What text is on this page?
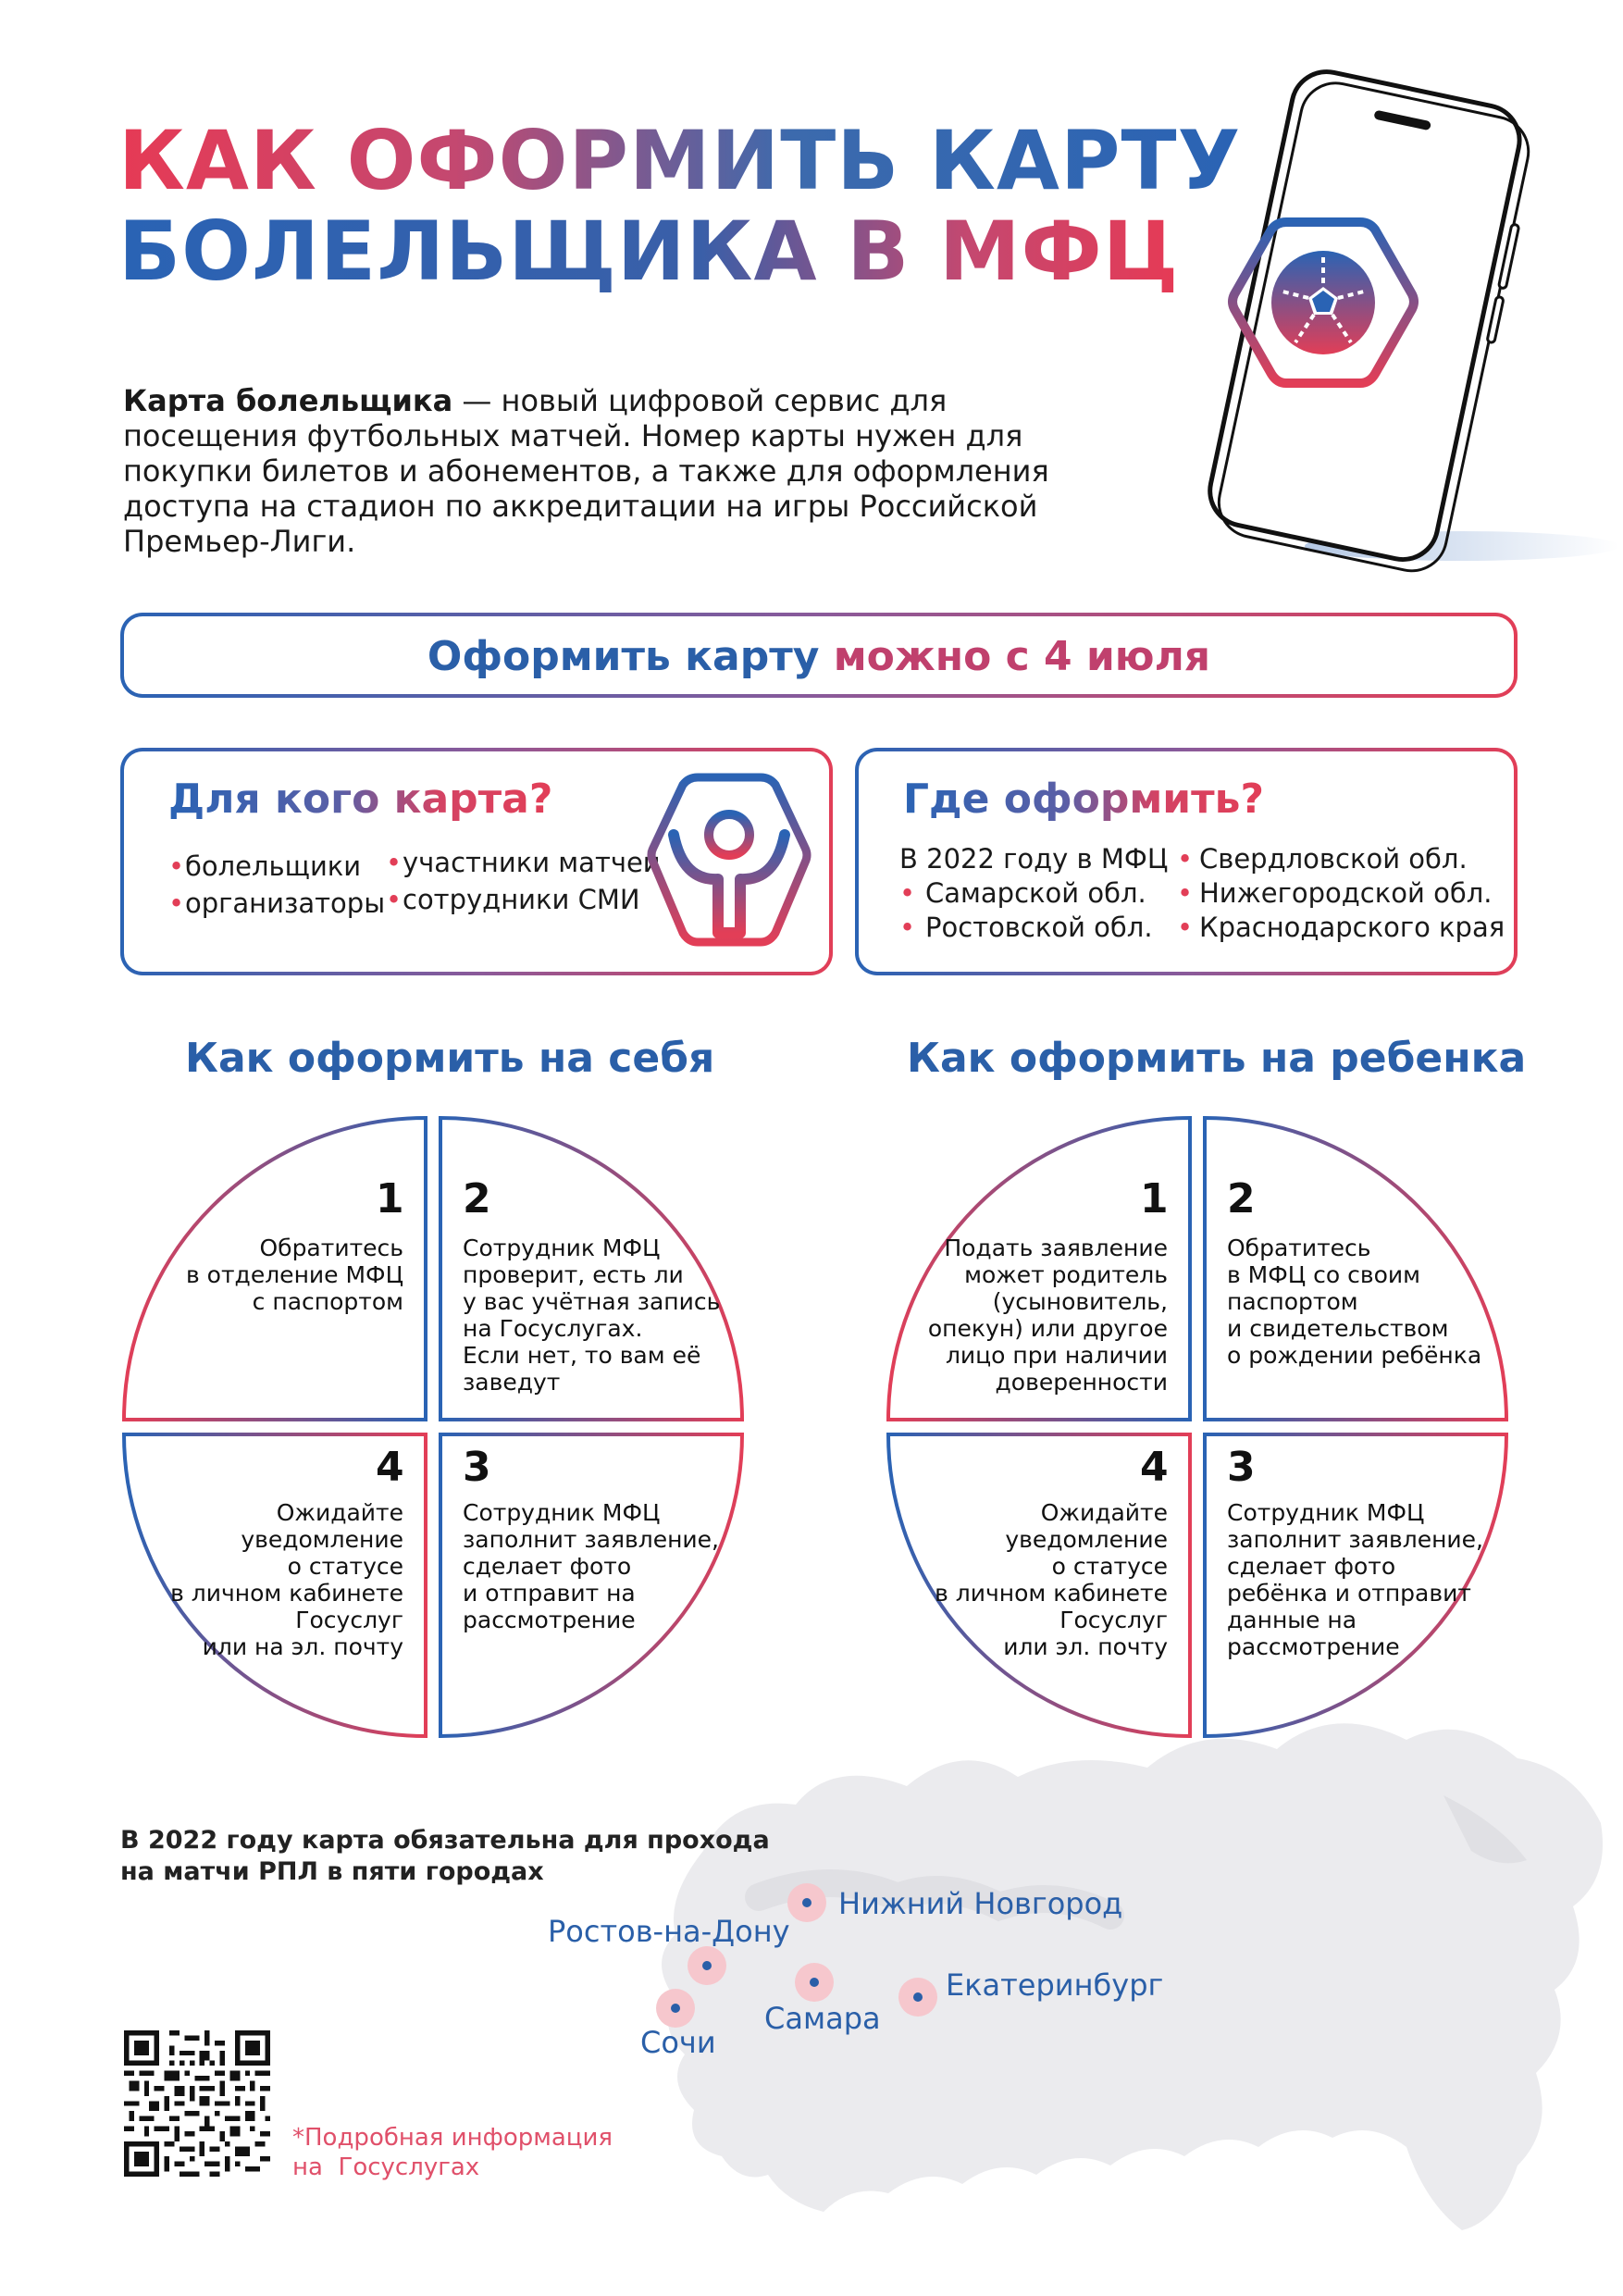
КАК ОФОРМИТЬ КАРТУ
БОЛЕЛЬЩИКА В МФЦ
Карта болельщика — новый цифровой сервис для посещения футбольных матчей. Номер карты нужен для покупки билетов и абонементов, а также для оформления доступа на стадион по аккредитации на игры Российской Премьер-Лиги.
Оформить карту можно с 4 июля
Для кого карта?
• болельщики
• организаторы
• участники матчей
• сотрудники СМИ
Где оформить?
В 2022 году в МФЦ
• Самарской обл.
• Ростовской обл.
• Свердловской обл.
• Нижегородской обл.
• Краснодарского края
Как оформить на себя	Как оформить на ребенка
1
Обратитесь
в отделение МФЦ
с паспортом
2
Сотрудник МФЦ
проверит, есть ли
у вас учётная запись
на Госуслугах.
Если нет, то вам её
заведут
3
Сотрудник МФЦ
заполнит заявление,
сделает фото
и отправит на
рассмотрение
4
Ожидайте
уведомление
о статусе
в личном кабинете
Госуслуг
или на эл. почту
1
Подать заявление
может родитель
(усыновитель,
опекун) или другое
лицо при наличии
доверенности
2
Обратитесь
в МФЦ со своим
паспортом
и свидетельством
о рождении ребёнка
3
Сотрудник МФЦ
заполнит заявление,
сделает фото
ребёнка и отправит
данные на
рассмотрение
4
Ожидайте
уведомление
о статусе
в личном кабинете
Госуслуг
или эл. почту
В 2022 году карта обязательна для прохода
на матчи РПЛ в пяти городах
Ростов-на-Дону
Нижний Новгород
Самара
Екатеринбург
Сочи
*Подробная информация
на  Госуслугах
